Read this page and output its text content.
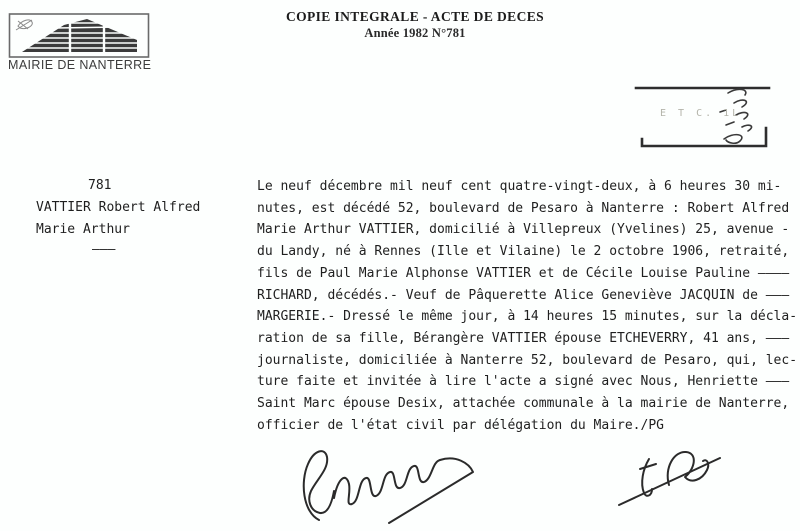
MAIRIE DE NANTERRE
COPIE INTEGRALE - ACTE DE DECES
Année 1982 N°781
E T C. 1L
781
VATTIER Robert Alfred
Marie Arthur
———
Le neuf décembre mil neuf cent quatre-vingt-deux, à 6 heures 30 mi-
nutes, est décédé 52, boulevard de Pesaro à Nanterre : Robert Alfred
Marie Arthur VATTIER, domicilié à Villepreux (Yvelines) 25, avenue -
du Landy, né à Rennes (Ille et Vilaine) le 2 octobre 1906, retraité,
fils de Paul Marie Alphonse VATTIER et de Cécile Louise Pauline ————
RICHARD, décédés.- Veuf de Pâquerette Alice Geneviève JACQUIN de ———
MARGERIE.- Dressé le même jour, à 14 heures 15 minutes, sur la décla-
ration de sa fille, Bérangère VATTIER épouse ETCHEVERRY, 41 ans, ———
journaliste, domiciliée à Nanterre 52, boulevard de Pesaro, qui, lec-
ture faite et invitée à lire l'acte a signé avec Nous, Henriette ———
Saint Marc épouse Desix, attachée communale à la mairie de Nanterre,
officier de l'état civil par délégation du Maire./PG
